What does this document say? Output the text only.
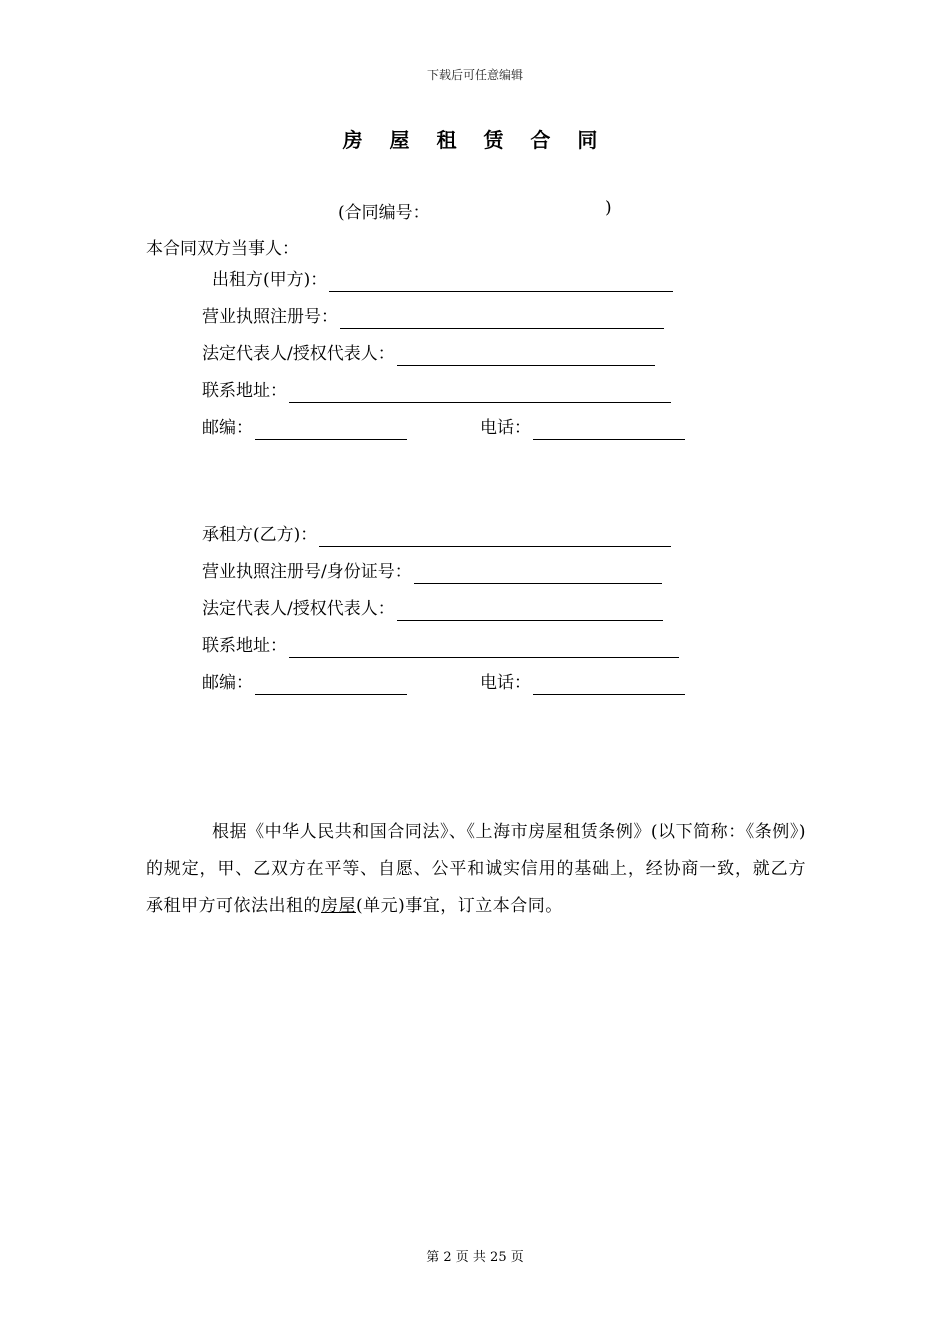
下载后可任意编辑
房 屋 租 赁 合 同
(合同编号：	)
本合同双方当事人：
出租方(甲方)：
营业执照注册号：
法定代表人/授权代表人：
联系地址：
邮编：	电话：
承租方(乙方)：
营业执照注册号/身份证号：
法定代表人/授权代表人：
联系地址：
邮编：	电话：
根据《中华人民共和国合同法》、《上海市房屋租赁条例》(以下简称：《条例》)的规定，甲、乙双方在平等、自愿、公平和诚实信用的基础上，经协商一致，就乙方承租甲方可依法出租的房屋(单元)事宜，订立本合同。
第 2 页 共 25 页
